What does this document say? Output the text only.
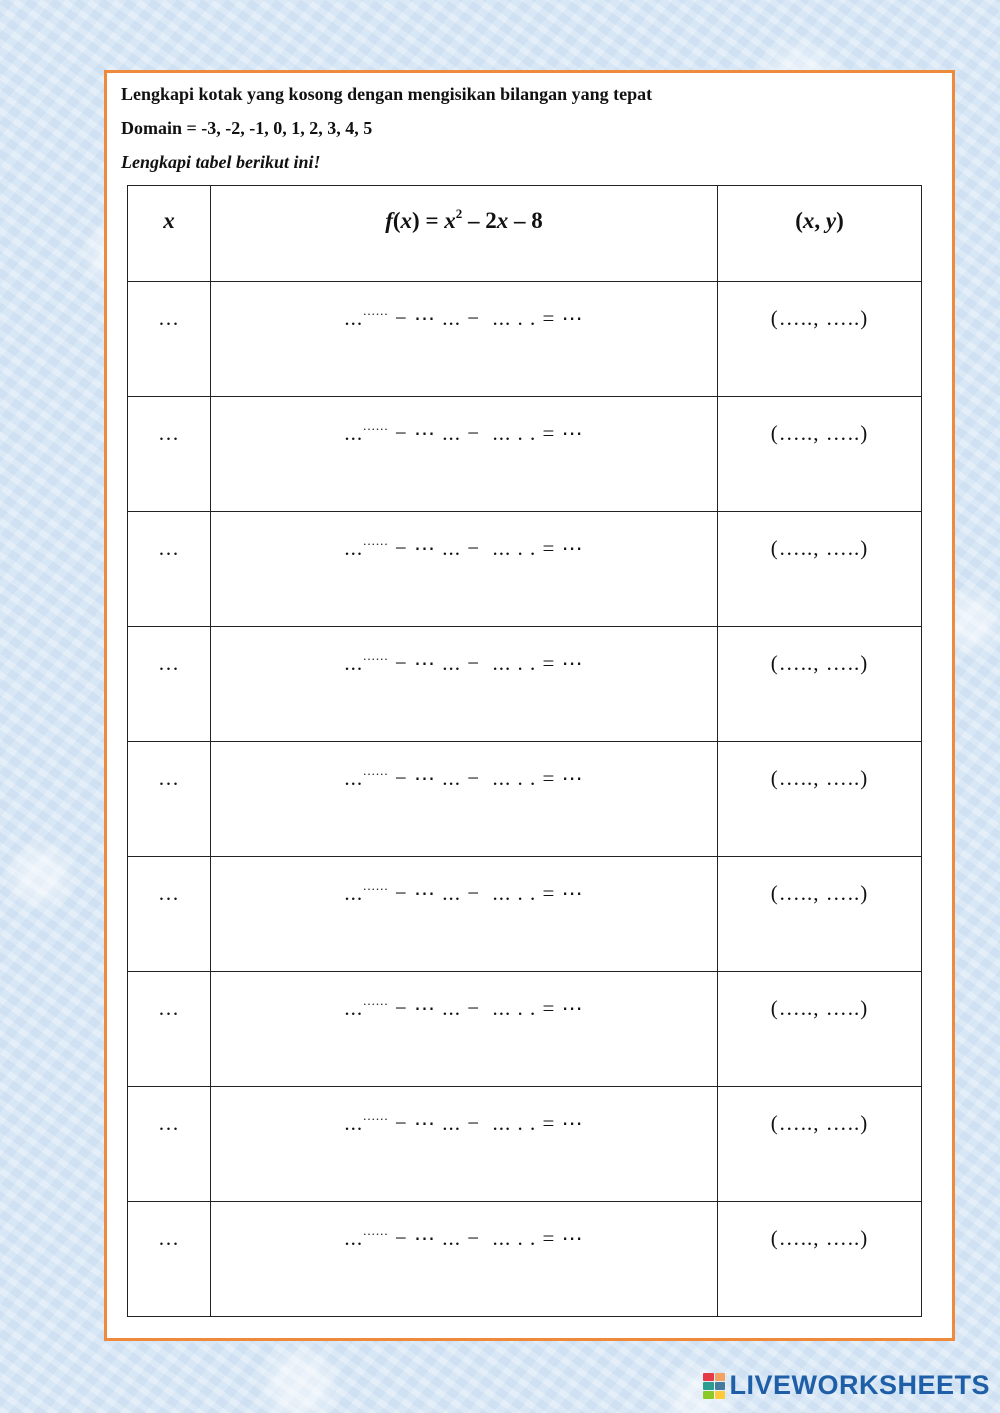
Lengkapi kotak yang kosong dengan mengisikan bilangan yang tepat

Domain = -3, -2, -1, 0, 1, 2, 3, 4, 5

Lengkapi tabel berikut ini!

x	$f(x) = x^2 - 2x - 8$	(x, y)
…	......... − ⋯ ... −  ... . . = ⋯	(….., …..)
…	......... − ⋯ ... −  ... . . = ⋯	(….., …..)
…	......... − ⋯ ... −  ... . . = ⋯	(….., …..)
…	......... − ⋯ ... −  ... . . = ⋯	(….., …..)
…	......... − ⋯ ... −  ... . . = ⋯	(….., …..)
…	......... − ⋯ ... −  ... . . = ⋯	(….., …..)
…	......... − ⋯ ... −  ... . . = ⋯	(….., …..)
…	......... − ⋯ ... −  ... . . = ⋯	(….., …..)
…	......... − ⋯ ... −  ... . . = ⋯	(….., …..)
LIVEWORKSHEETS
